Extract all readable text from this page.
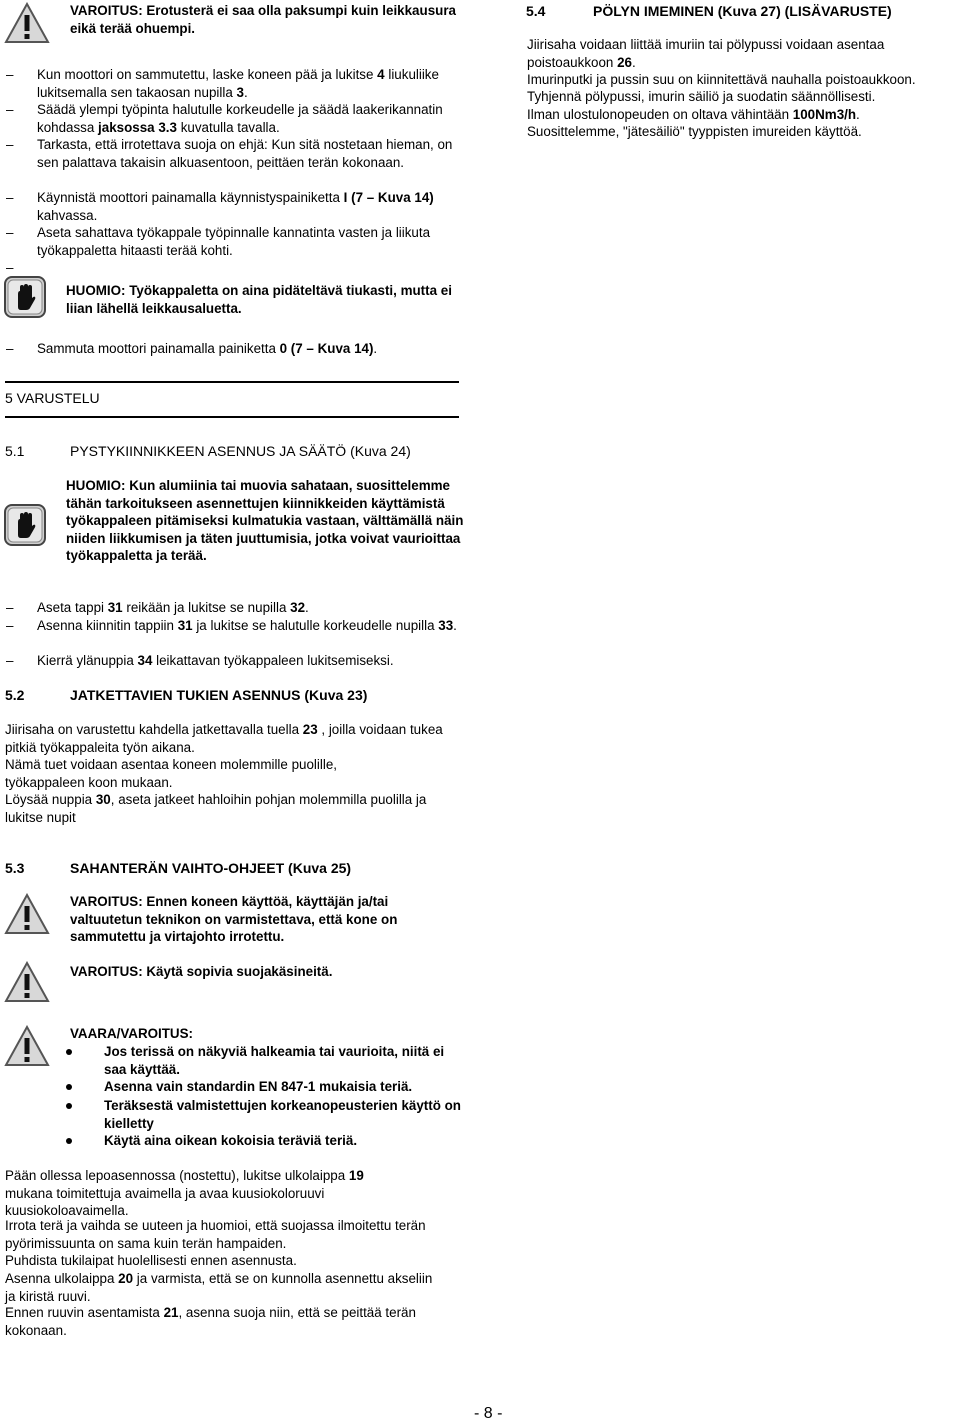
VAROITUS: Erotusterä ei saa olla paksumpi kuin leikkausura eikä terää ohuempi.
–	Kun moottori on sammutettu, laske koneen pää ja lukitse 4 liukuliike lukitsemalla sen takaosan nupilla 3.
–	Säädä ylempi työpinta halutulle korkeudelle ja säädä laakerikannatin kohdassa jaksossa 3.3 kuvatulla tavalla.
–	Tarkasta, että irrotettava suoja on ehjä: Kun sitä nostetaan hieman, on sen palattava takaisin alkuasentoon, peittäen terän kokonaan.
–	Käynnistä moottori painamalla käynnistyspainiketta I (7 – Kuva 14) kahvassa.
–	Aseta sahattava työkappale työpinnalle kannatinta vasten ja liikuta työkappaletta hitaasti terää kohti.
–
HUOMIO: Työkappaletta on aina pidäteltävä tiukasti, mutta ei liian lähellä leikkausaluetta.
–	Sammuta moottori painamalla painiketta 0 (7 – Kuva 14).
5 VARUSTELU
5.1	PYSTYKIINNIKKEEN ASENNUS JA SÄÄTÖ (Kuva 24)
HUOMIO: Kun alumiinia tai muovia sahataan, suosittelemme tähän tarkoitukseen asennettujen kiinnikkeiden käyttämistä työkappaleen pitämiseksi kulmatukia vastaan, välttämällä näin niiden liikkumisen ja täten juuttumisia, jotka voivat vaurioittaa työkappaletta ja terää.
–	Aseta tappi 31 reikään ja lukitse se nupilla 32.
–	Asenna kiinnitin tappiin 31 ja lukitse se halutulle korkeudelle nupilla 33.
–	Kierrä ylänuppia 34 leikattavan työkappaleen lukitsemiseksi.
5.2	JATKETTAVIEN TUKIEN ASENNUS (Kuva 23)
Jiirisaha on varustettu kahdella jatkettavalla tuella 23 , joilla voidaan tukea pitkiä työkappaleita työn aikana.
Nämä tuet voidaan asentaa koneen molemmille puolille, työkappaleen koon mukaan.
Löysää nuppia 30, aseta jatkeet hahloihin pohjan molemmilla puolilla ja lukitse nupit
5.3	SAHANTERÄN VAIHTO-OHJEET (Kuva 25)
VAROITUS: Ennen koneen käyttöä, käyttäjän ja/tai valtuutetun teknikon on varmistettava, että kone on sammutettu ja virtajohto irrotettu.
VAROITUS: Käytä sopivia suojakäsineitä.
VAARA/VAROITUS:
Jos terissä on näkyviä halkeamia tai vaurioita, niitä ei saa käyttää.
Asenna vain standardin EN 847-1 mukaisia teriä.
Teräksestä valmistettujen korkeanopeusterien käyttö on kielletty
Käytä aina oikean kokoisia teräviä teriä.
Pään ollessa lepoasennossa (nostettu), lukitse ulkolaippa 19 mukana toimitettuja avaimella ja avaa kuusiokoloruuvi kuusiokoloavaimella.
Irrota terä ja vaihda se uuteen ja huomioi, että suojassa ilmoitettu terän pyörimissuunta on sama kuin terän hampaiden.
Puhdista tukilaipat huolellisesti ennen asennusta.
Asenna ulkolaippa 20 ja varmista, että se on kunnolla asennettu akseliin ja kiristä ruuvi.
Ennen ruuvin asentamista 21, asenna suoja niin, että se peittää terän kokonaan.
5.4	PÖLYN IMEMINEN (Kuva 27) (LISÄVARUSTE)
Jiirisaha voidaan liittää imuriin tai pölypussi voidaan asentaa poistoaukkoon 26.
Imurinputki ja pussin suu on kiinnitettävä nauhalla poistoaukkoon.
Tyhjennä pölypussi, imurin säiliö ja suodatin säännöllisesti.
Ilman ulostulonopeuden on oltava vähintään 100Nm3/h.
Suosittelemme, "jätesäiliö" tyyppisten imureiden käyttöä.
- 8 -
